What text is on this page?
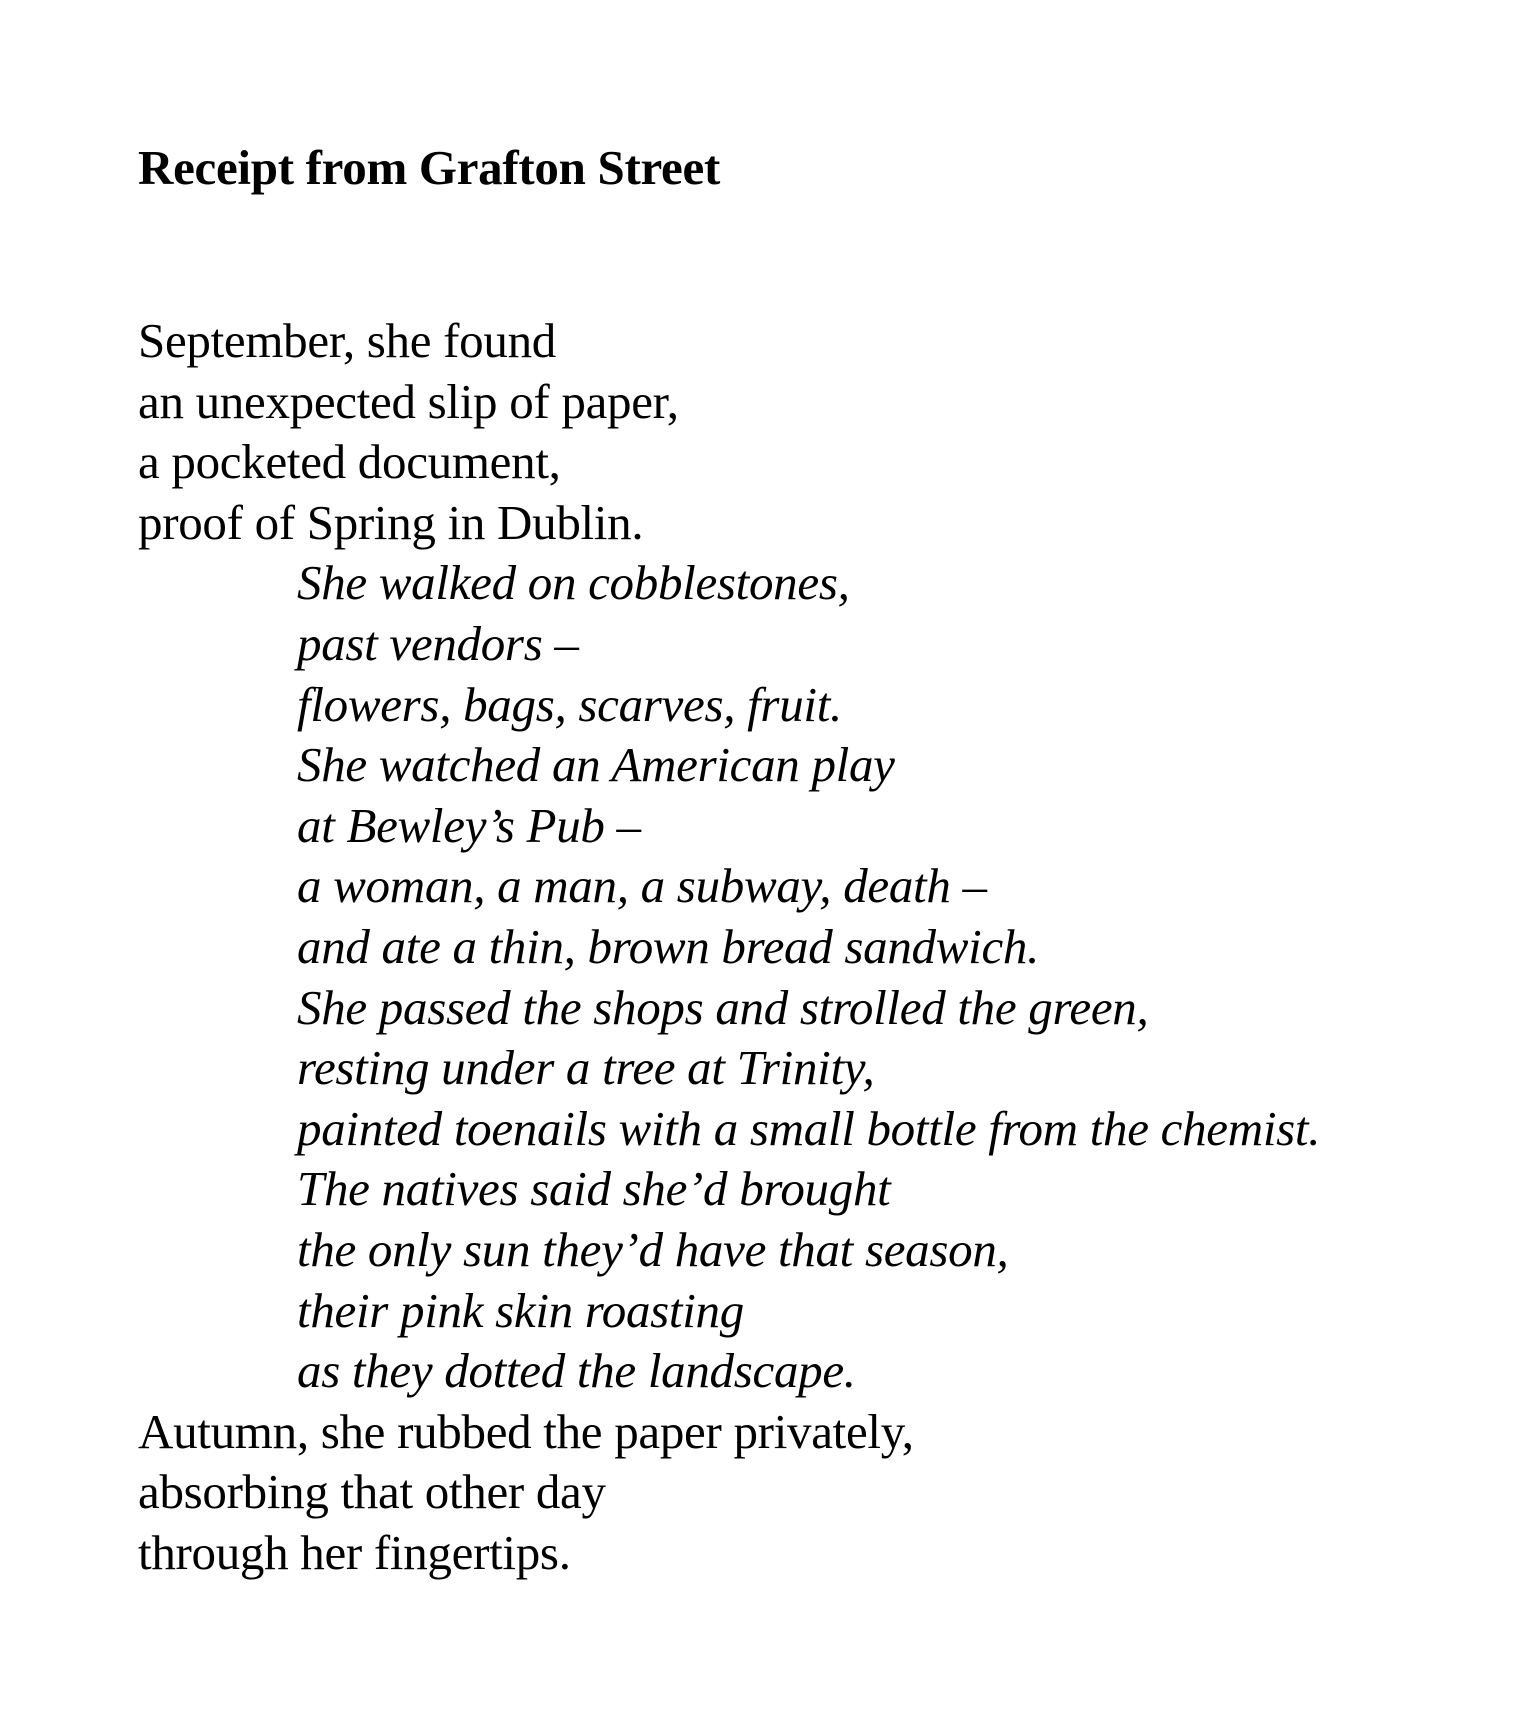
Receipt from Grafton Street
September, she found
an unexpected slip of paper,
a pocketed document,
proof of Spring in Dublin.
She walked on cobblestones,
past vendors –
flowers, bags, scarves, fruit.
She watched an American play
at Bewley’s Pub –
a woman, a man, a subway, death –
and ate a thin, brown bread sandwich.
She passed the shops and strolled the green,
resting under a tree at Trinity,
painted toenails with a small bottle from the chemist.
The natives said she’d brought
the only sun they’d have that season,
their pink skin roasting
as they dotted the landscape.
Autumn, she rubbed the paper privately,
absorbing that other day
through her fingertips.
